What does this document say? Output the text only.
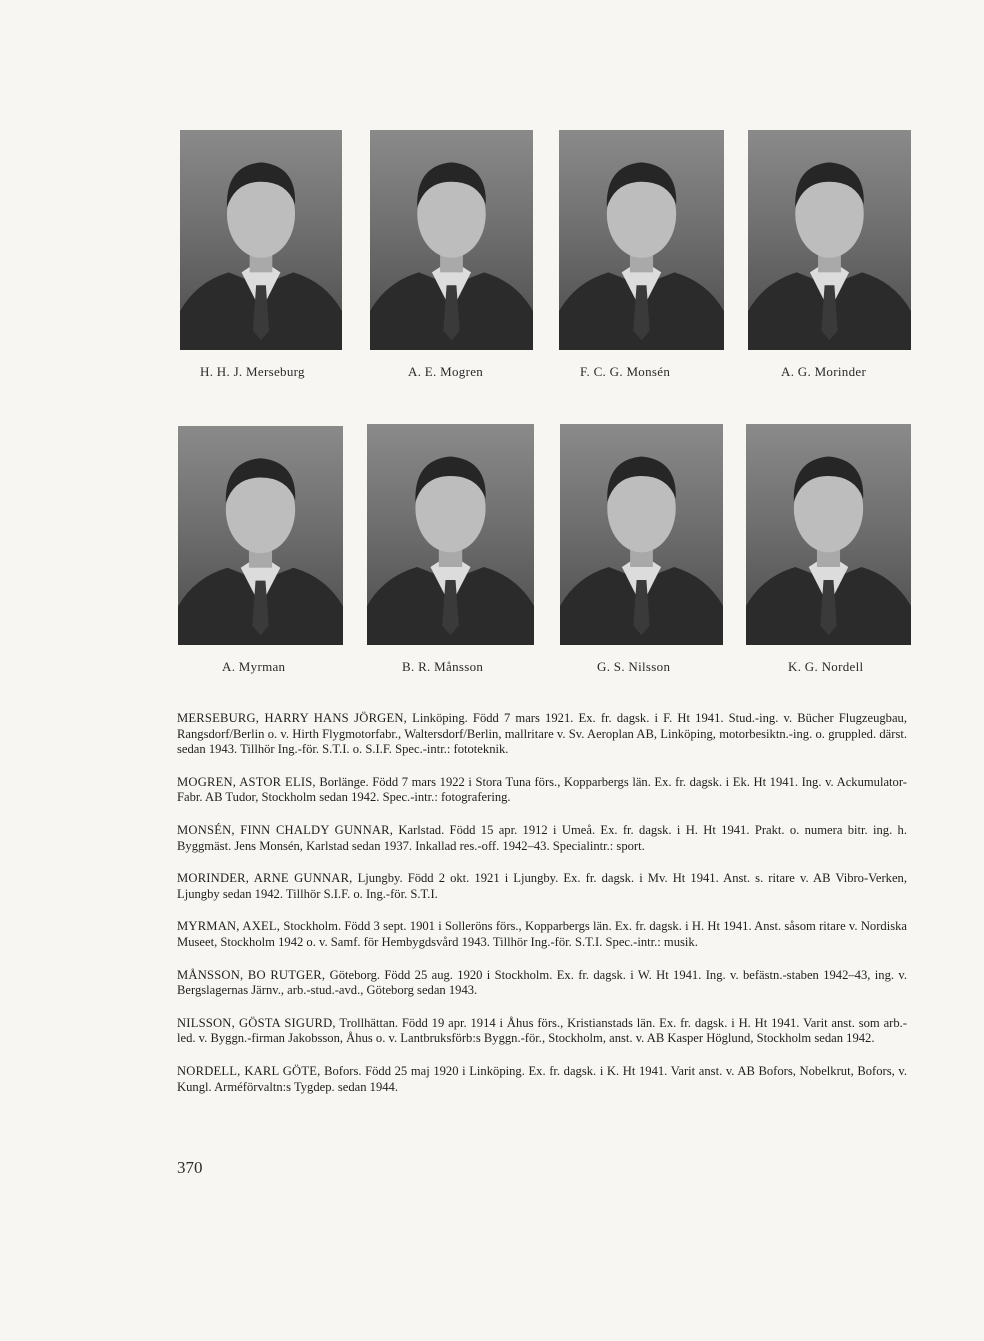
H. H. J. Merseburg	A. E. Mogren	F. C. G. Monsén	A. G. Morinder
A. Myrman	B. R. Månsson	G. S. Nilsson	K. G. Nordell

MERSEBURG, HARRY HANS JÖRGEN, Linköping. Född 7 mars 1921. Ex. fr. dagsk. i F. Ht 1941. Stud.-ing. v. Bücher Flugzeugbau, Rangsdorf/Berlin o. v. Hirth Flygmotorfabr., Waltersdorf/Berlin, mallritare v. Sv. Aeroplan AB, Linköping, motorbesiktn.-ing. o. gruppled. därst. sedan 1943. Tillhör Ing.-för. S.T.I. o. S.I.F. Spec.-intr.: fototeknik.

MOGREN, ASTOR ELIS, Borlänge. Född 7 mars 1922 i Stora Tuna förs., Kopparbergs län. Ex. fr. dagsk. i Ek. Ht 1941. Ing. v. Ackumulator-Fabr. AB Tudor, Stockholm sedan 1942. Spec.-intr.: fotografering.

MONSÉN, FINN CHALDY GUNNAR, Karlstad. Född 15 apr. 1912 i Umeå. Ex. fr. dagsk. i H. Ht 1941. Prakt. o. numera bitr. ing. h. Byggmäst. Jens Monsén, Karlstad sedan 1937. Inkallad res.-off. 1942–43. Specialintr.: sport.

MORINDER, ARNE GUNNAR, Ljungby. Född 2 okt. 1921 i Ljungby. Ex. fr. dagsk. i Mv. Ht 1941. Anst. s. ritare v. AB Vibro-Verken, Ljungby sedan 1942. Tillhör S.I.F. o. Ing.-för. S.T.I.

MYRMAN, AXEL, Stockholm. Född 3 sept. 1901 i Solleröns förs., Kopparbergs län. Ex. fr. dagsk. i H. Ht 1941. Anst. såsom ritare v. Nordiska Museet, Stockholm 1942 o. v. Samf. för Hembygdsvård 1943. Tillhör Ing.-för. S.T.I. Spec.-intr.: musik.

MÅNSSON, BO RUTGER, Göteborg. Född 25 aug. 1920 i Stockholm. Ex. fr. dagsk. i W. Ht 1941. Ing. v. befästn.-staben 1942–43, ing. v. Bergslagernas Järnv., arb.-stud.-avd., Göteborg sedan 1943.

NILSSON, GÖSTA SIGURD, Trollhättan. Född 19 apr. 1914 i Åhus förs., Kristianstads län. Ex. fr. dagsk. i H. Ht 1941. Varit anst. som arb.-led. v. Byggn.-firman Jakobsson, Åhus o. v. Lantbruksförb:s Byggn.-för., Stockholm, anst. v. AB Kasper Höglund, Stockholm sedan 1942.

NORDELL, KARL GÖTE, Bofors. Född 25 maj 1920 i Linköping. Ex. fr. dagsk. i K. Ht 1941. Varit anst. v. AB Bofors, Nobelkrut, Bofors, v. Kungl. Arméförvaltn:s Tygdep. sedan 1944.

370
